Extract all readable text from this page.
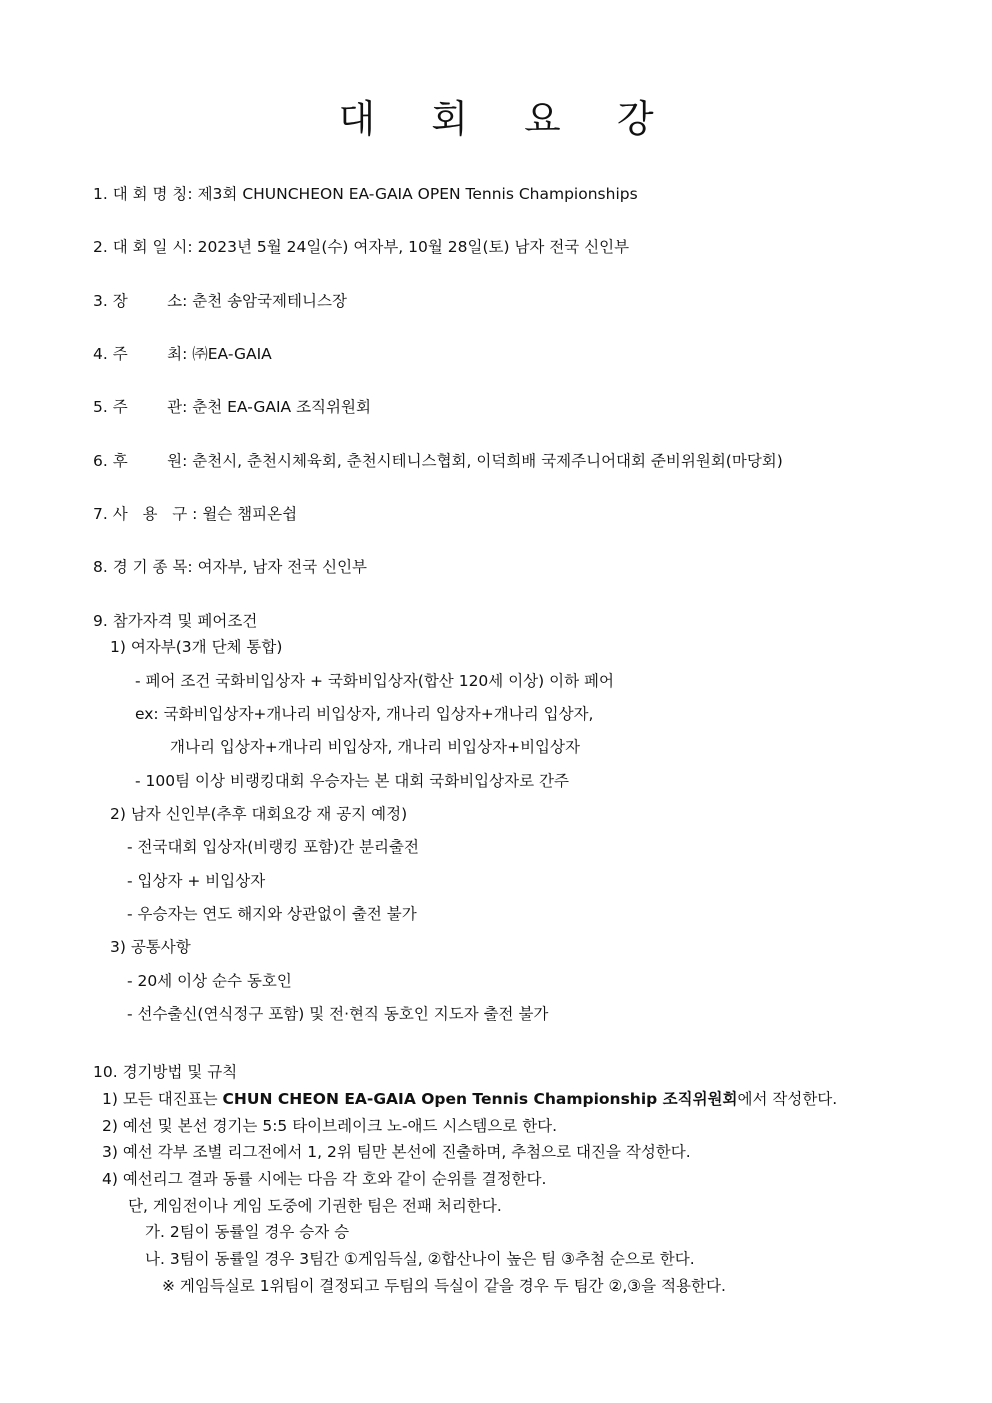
대 회 요 강
1. 대 회 명 칭: 제3회 CHUNCHEON EA-GAIA OPEN Tennis Championships
2. 대 회 일 시: 2023년 5월 24일(수) 여자부, 10월 28일(토) 남자 전국 신인부
3. 장        소: 춘천 송암국제테니스장
4. 주        최: ㈜EA-GAIA
5. 주        관: 춘천 EA-GAIA 조직위원회
6. 후        원: 춘천시, 춘천시체육회, 춘천시테니스협회, 이덕희배 국제주니어대회 준비위원회(마당회)
7. 사   용   구 : 윌슨 챔피온쉽
8. 경 기 종 목: 여자부, 남자 전국 신인부
9. 참가자격 및 페어조건
1) 여자부(3개 단체 통합)
- 페어 조건 국화비입상자 + 국화비입상자(합산 120세 이상) 이하 페어
ex: 국화비입상자+개나리 비입상자, 개나리 입상자+개나리 입상자,
개나리 입상자+개나리 비입상자, 개나리 비입상자+비입상자
- 100팀 이상 비랭킹대회 우승자는 본 대회 국화비입상자로 간주
2) 남자 신인부(추후 대회요강 재 공지 예정)
- 전국대회 입상자(비랭킹 포함)간 분리출전
- 입상자 + 비입상자
- 우승자는 연도 해지와 상관없이 출전 불가
3) 공통사항
- 20세 이상 순수 동호인
- 선수출신(연식정구 포함) 및 전·현직 동호인 지도자 출전 불가
10. 경기방법 및 규칙
1) 모든 대진표는 CHUN CHEON EA-GAIA Open Tennis Championship 조직위원회에서 작성한다.
2) 예선 및 본선 경기는 5:5 타이브레이크 노-애드 시스템으로 한다.
3) 예선 각부 조별 리그전에서 1, 2위 팀만 본선에 진출하며, 추첨으로 대진을 작성한다.
4) 예선리그 결과 동률 시에는 다음 각 호와 같이 순위를 결정한다.
단, 게임전이나 게임 도중에 기권한 팀은 전패 처리한다.
가. 2팀이 동률일 경우 승자 승
나. 3팀이 동률일 경우 3팀간 ①게임득실, ②합산나이 높은 팀 ③추첨 순으로 한다.
※ 게임득실로 1위팀이 결정되고 두팀의 득실이 같을 경우 두 팀간 ②,③을 적용한다.
